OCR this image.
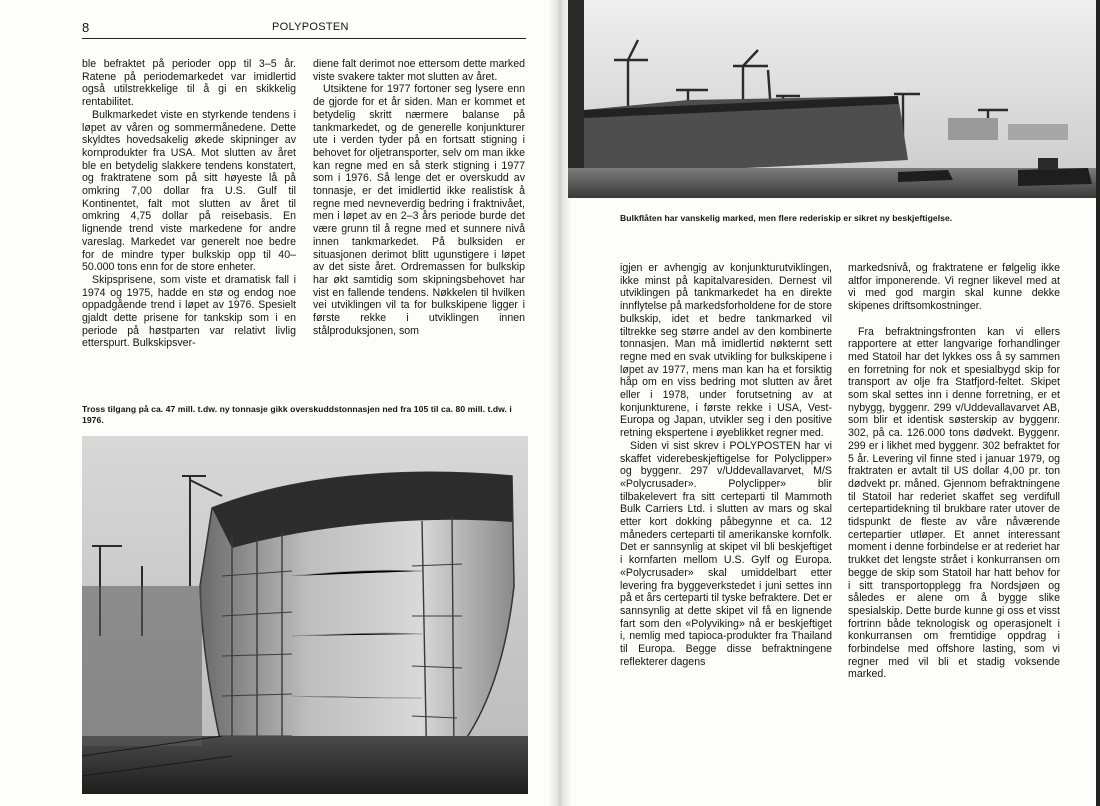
8	POLYPOSTEN

ble befraktet på perioder opp til 3–5 år. Ratene på periodemarkedet var imidlertid også utilstrekkelige til å gi en skikkelig rentabilitet.

Bulkmarkedet viste en styrkende tendens i løpet av våren og sommermånedene. Dette skyldtes hovedsakelig økede skipninger av kornprodukter fra USA. Mot slutten av året ble en betydelig slakkere tendens konstatert, og fraktratene som på sitt høyeste lå på omkring 7,00 dollar fra U.S. Gulf til Kontinentet, falt mot slutten av året til omkring 4,75 dollar på reisebasis. En lignende trend viste markedene for andre vareslag. Markedet var generelt noe bedre for de mindre typer bulkskip opp til 40–50.000 tons enn for de store enheter.

Skipsprisene, som viste et dramatisk fall i 1974 og 1975, hadde en stø og endog noe oppadgående trend i løpet av 1976. Spesielt gjaldt dette prisene for tankskip som i en periode på høstparten var relativt livlig etterspurt. Bulkskipsver-

diene falt derimot noe ettersom dette marked viste svakere takter mot slutten av året.

Utsiktene for 1977 fortoner seg lysere enn de gjorde for et år siden. Man er kommet et betydelig skritt nærmere balanse på tankmarkedet, og de generelle konjunkturer ute i verden tyder på en fortsatt stigning i behovet for oljetransporter, selv om man ikke kan regne med en så sterk stigning i 1977 som i 1976. Så lenge det er overskudd av tonnasje, er det imidlertid ikke realistisk å regne med nevneverdig bedring i fraktnivået, men i løpet av en 2–3 års periode burde det være grunn til å regne med et sunnere nivå innen tankmarkedet. På bulksiden er situasjonen derimot blitt ugunstigere i løpet av det siste året. Ordremassen for bulkskip har økt samtidig som skipningsbehovet har vist en fallende tendens. Nøkkelen til hvilken vei utviklingen vil ta for bulkskipene ligger i første rekke i utviklingen innen stålproduksjonen, som

Tross tilgang på ca. 47 mill. t.dw. ny tonnasje gikk overskuddstonnasjen ned fra 105 til ca. 80 mill. t.dw. i 1976.
Bulkflåten har vanskelig marked, men flere rederiskip er sikret ny beskjeftigelse.

igjen er avhengig av konjunkturutviklingen, ikke minst på kapitalvaresiden. Dernest vil utviklingen på tankmarkedet ha en direkte innflytelse på markedsforholdene for de store bulkskip, idet et bedre tankmarked vil tiltrekke seg større andel av den kombinerte tonnasjen. Man må imidlertid nøkternt sett regne med en svak utvikling for bulkskipene i løpet av 1977, mens man kan ha et forsiktig håp om en viss bedring mot slutten av året eller i 1978, under forutsetning av at konjunkturene, i første rekke i USA, Vest-Europa og Japan, utvikler seg i den positive retning ekspertene i øyeblikket regner med.

Siden vi sist skrev i POLYPOSTEN har vi skaffet viderebeskjeftigelse for Polyclipper» og byggenr. 297 v/Uddevallavarvet, M/S «Polycrusader». Polyclipper» blir tilbakelevert fra sitt certeparti til Mammoth Bulk Carriers Ltd. i slutten av mars og skal etter kort dokking påbegynne et ca. 12 måneders certeparti til amerikanske kornfolk. Det er sannsynlig at skipet vil bli beskjeftiget i kornfarten mellom U.S. Gylf og Europa. «Polycrusader» skal umiddelbart etter levering fra byggeverkstedet i juni settes inn på et års certeparti til tyske befraktere. Det er sannsynlig at dette skipet vil få en lignende fart som den «Polyviking» nå er beskjeftiget i, nemlig med tapioca-produkter fra Thailand til Europa. Begge disse befraktningene reflekterer dagens

markedsnivå, og fraktratene er følgelig ikke altfor imponerende. Vi regner likevel med at vi med god margin skal kunne dekke skipenes driftsomkostninger.

Fra befraktningsfronten kan vi ellers rapportere at etter langvarige forhandlinger med Statoil har det lykkes oss å sy sammen en forretning for nok et spesialbygd skip for transport av olje fra Statfjord-feltet. Skipet som skal settes inn i denne forretning, er et nybygg, byggenr. 299 v/Uddevallavarvet AB, som blir et identisk søsterskip av byggenr. 302, på ca. 126.000 tons dødvekt. Byggenr. 299 er i likhet med byggenr. 302 befraktet for 5 år. Levering vil finne sted i januar 1979, og fraktraten er avtalt til US dollar 4,00 pr. ton dødvekt pr. måned. Gjennom befraktningene til Statoil har rederiet skaffet seg verdifull certepartidekning til brukbare rater utover de tidspunkt de fleste av våre nåværende certepartier utløper. Et annet interessant moment i denne forbindelse er at rederiet har trukket det lengste strået i konkurransen om begge de skip som Statoil har hatt behov for i sitt transportopplegg fra Nordsjøen og således er alene om å bygge slike spesialskip. Dette burde kunne gi oss et visst fortrinn både teknologisk og operasjonelt i konkurransen om fremtidige oppdrag i forbindelse med offshore lasting, som vi regner med vil bli et stadig voksende marked.
